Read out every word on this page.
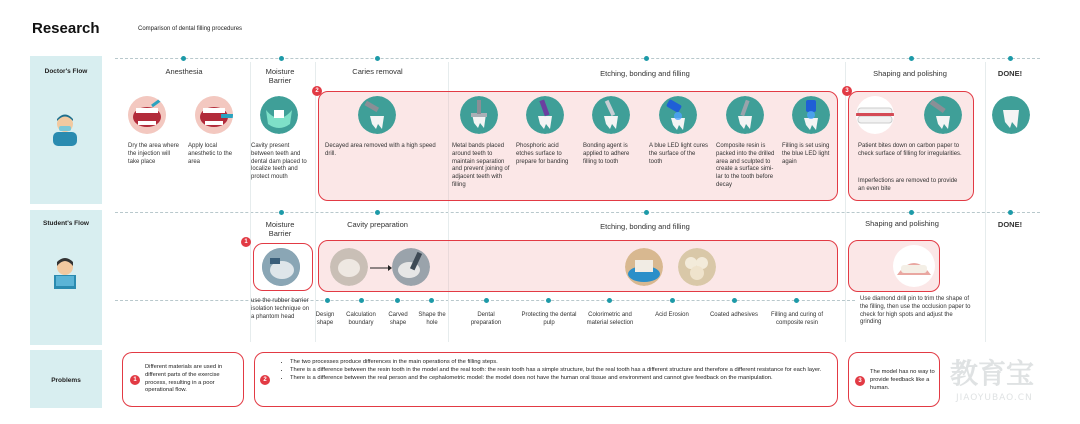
Research	Comparison of dental filling procedures
Doctor's Flow
Student's Flow
Problems
Anesthesia	Moisture Barrier
Caries removal	Etching, bonding and filling	Shaping and polishing	DONE!
2	3
Dry the area where the injection will take place
Apply local anesthetic to the area
Cavity present between teeth and dental dam placed to localize teeth and protect mouth
Decayed area removed with a high speed drill.
Metal bands placed around teeth to maintain separation and prevent joining of adjacent teeth with filling
Phosphoric acid etches surface to prepare for banding
Bonding agent is applied to adhere filling to tooth
A blue LED light cures the surface of the tooth
Composite resin is packed into the drilled area and sculpted to create a surface simi-lar to the tooth before decay
Filling is set using the blue LED light again
Patient bites down on carbon paper to check surface of filling for irregularities.
Imperfections are removed to provide an even bite
Moisture Barrier
Cavity preparation	Etching, bonding and filling	Shaping and polishing	DONE!
1
use the rubber barrier isolation technique on a phantom head	Design shape
Calculation boundary
Carved shape
Shape the hole
Dental preparation
Protecting the dental pulp
Colorimetric and material selection
Acid Erosion	Coated adhesives	Filling and curing of composite resin
Use diamond drill pin to trim the shape of the filling, then use the occlusion paper to check for high spots and adjust the grinding
1
Different materials are used in different parts of the exercise process, resulting in a poor operational flow.
2
• The two processes produce differences in the main operations of the filling steps.
• There is a difference between the resin tooth in the model and the real tooth: the resin tooth has a simple structure, but the real tooth has a different structure and therefore a different resistance for each layer.
• There is a difference between the real person and the cephalometric model: the model does not have the human oral tissue and environment and cannot give feedback on the manipulation.
3
The model has no way to provide feedback like a human.	教育宝
JIAOYUBAO.CN
